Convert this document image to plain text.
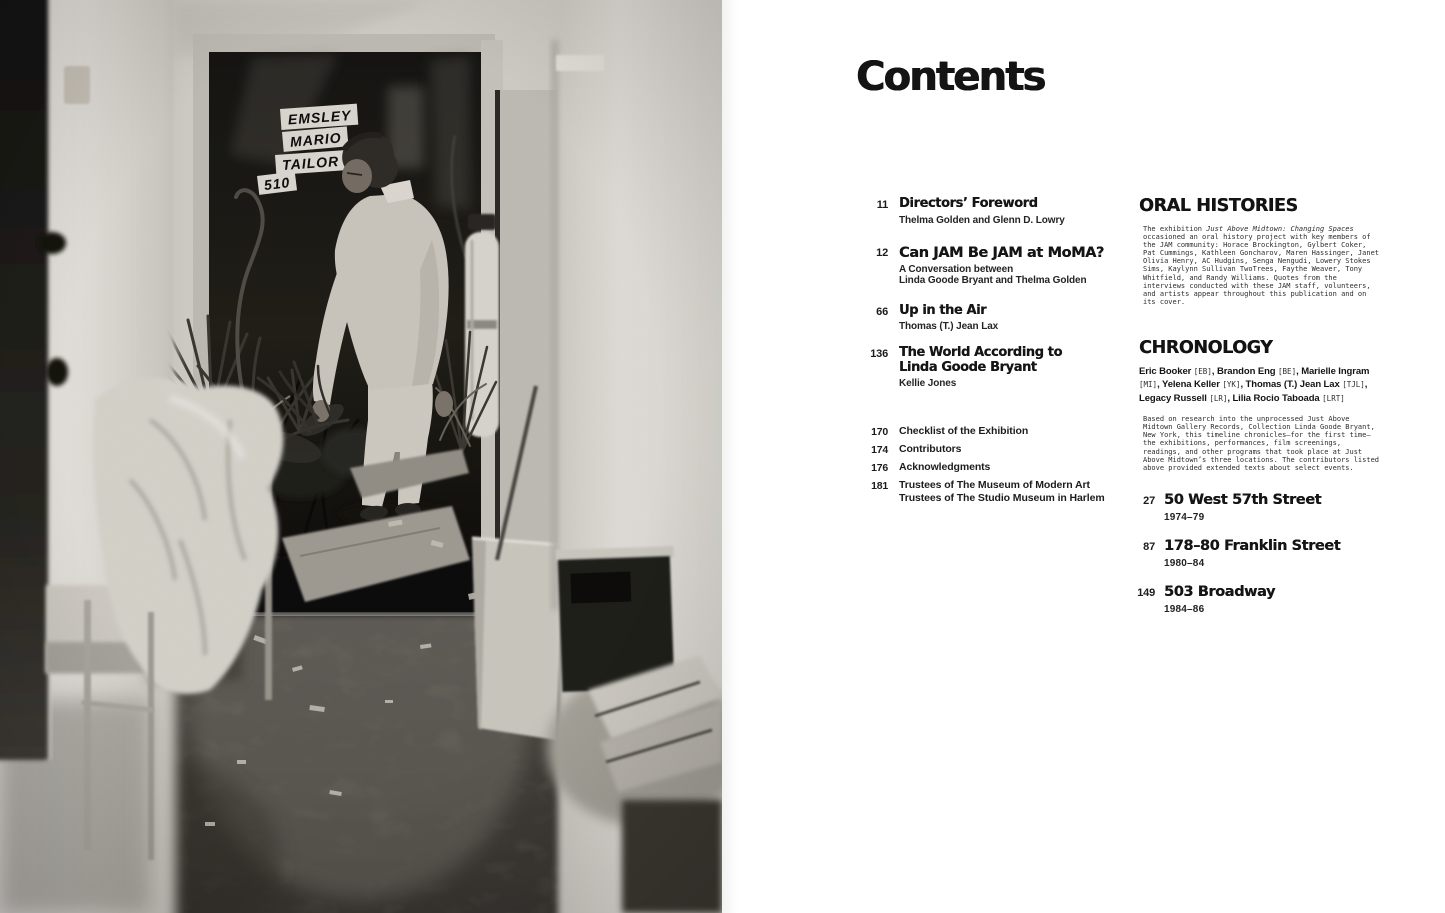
Contents
11 Directors’ Foreword
Thelma Golden and Glenn D. Lowry
12 Can JAM Be JAM at MoMA?
A Conversation between
Linda Goode Bryant and Thelma Golden
66 Up in the Air
Thomas (T.) Jean Lax
136 The World According to
Linda Goode Bryant
Kellie Jones
170 Checklist of the Exhibition
174 Contributors
176 Acknowledgments
181 Trustees of The Museum of Modern Art
Trustees of The Studio Museum in Harlem
ORAL HISTORIES

The exhibition Just Above Midtown: Changing Spaces occasioned an oral history project with key members of the JAM community: Horace Brockington, Gylbert Coker, Pat Cummings, Kathleen Goncharov, Maren Hassinger, Janet Olivia Henry, AC Hudgins, Senga Nengudi, Lowery Stokes Sims, Kaylynn Sullivan TwoTrees, Faythe Weaver, Tony Whitfield, and Randy Williams. Quotes from the interviews conducted with these JAM staff, volunteers, and artists appear throughout this publication and on its cover.

CHRONOLOGY

Eric Booker [EB], Brandon Eng [BE], Marielle Ingram [MI], Yelena Keller [YK], Thomas (T.) Jean Lax [TJL], Legacy Russell [LR], Lilia Rocio Taboada [LRT]

Based on research into the unprocessed Just Above Midtown Gallery Records, Collection Linda Goode Bryant, New York, this timeline chronicles—for the first time—the exhibitions, performances, film screenings, readings, and other programs that took place at Just Above Midtown’s three locations. The contributors listed above provided extended texts about select events.

27 50 West 57th Street
1974–79
87 178–80 Franklin Street
1980–84
149 503 Broadway
1984–86
